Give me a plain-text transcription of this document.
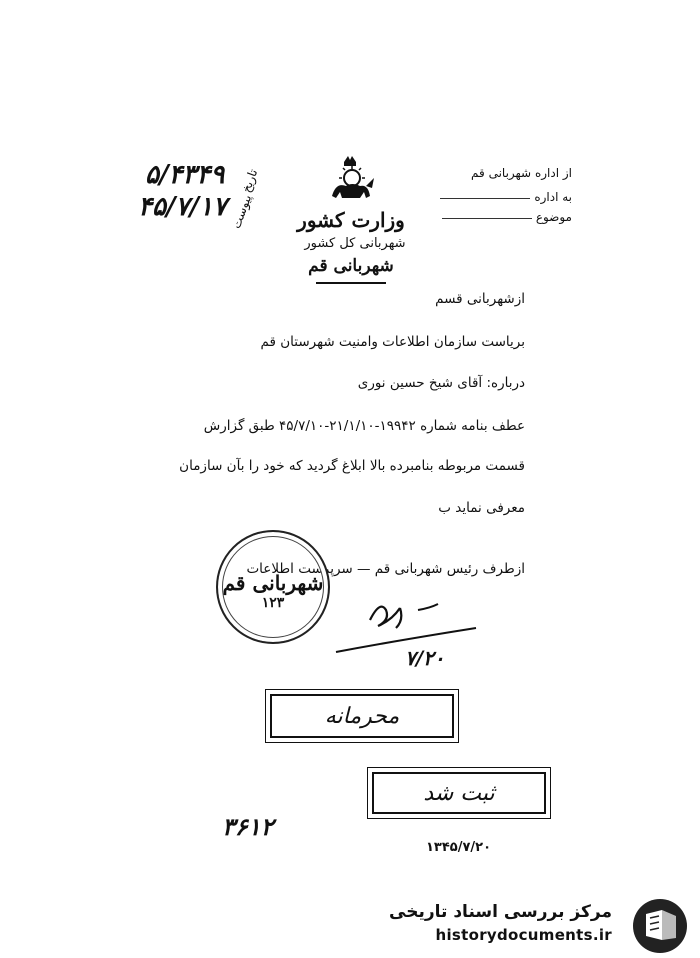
از اداره شهربانی قم
به اداره
موضوع
وزارت کشور
شهربانی کل کشور
شهربانی قم
۵/۴۳۴۹
۴۵/۷/۱۷
تاریخ
پیوست
ازشهربانی قسم
بریاست سازمان اطلاعات وامنیت شهرستان قم
درباره: آقای شیخ حسین نوری
عطف بنامه شماره ۱۹۹۴۲-۲۱/۱/۱۰-۴۵/۷/۱۰ طبق گزارش
قسمت مربوطه بنامبرده بالا ابلاغ گردید که خود را بآن سازمان
معرفی نماید ب
ازطرف رئیس شهربانی قم — سرپرست اطلاعات
شهربانی قم
۱۲۳
۷/۲۰
محرمانه
ثبت شد
۳۶۱۲
۱۳۴۵/۷/۲۰
مرکز بررسی اسناد تاریخی
historydocuments.ir
